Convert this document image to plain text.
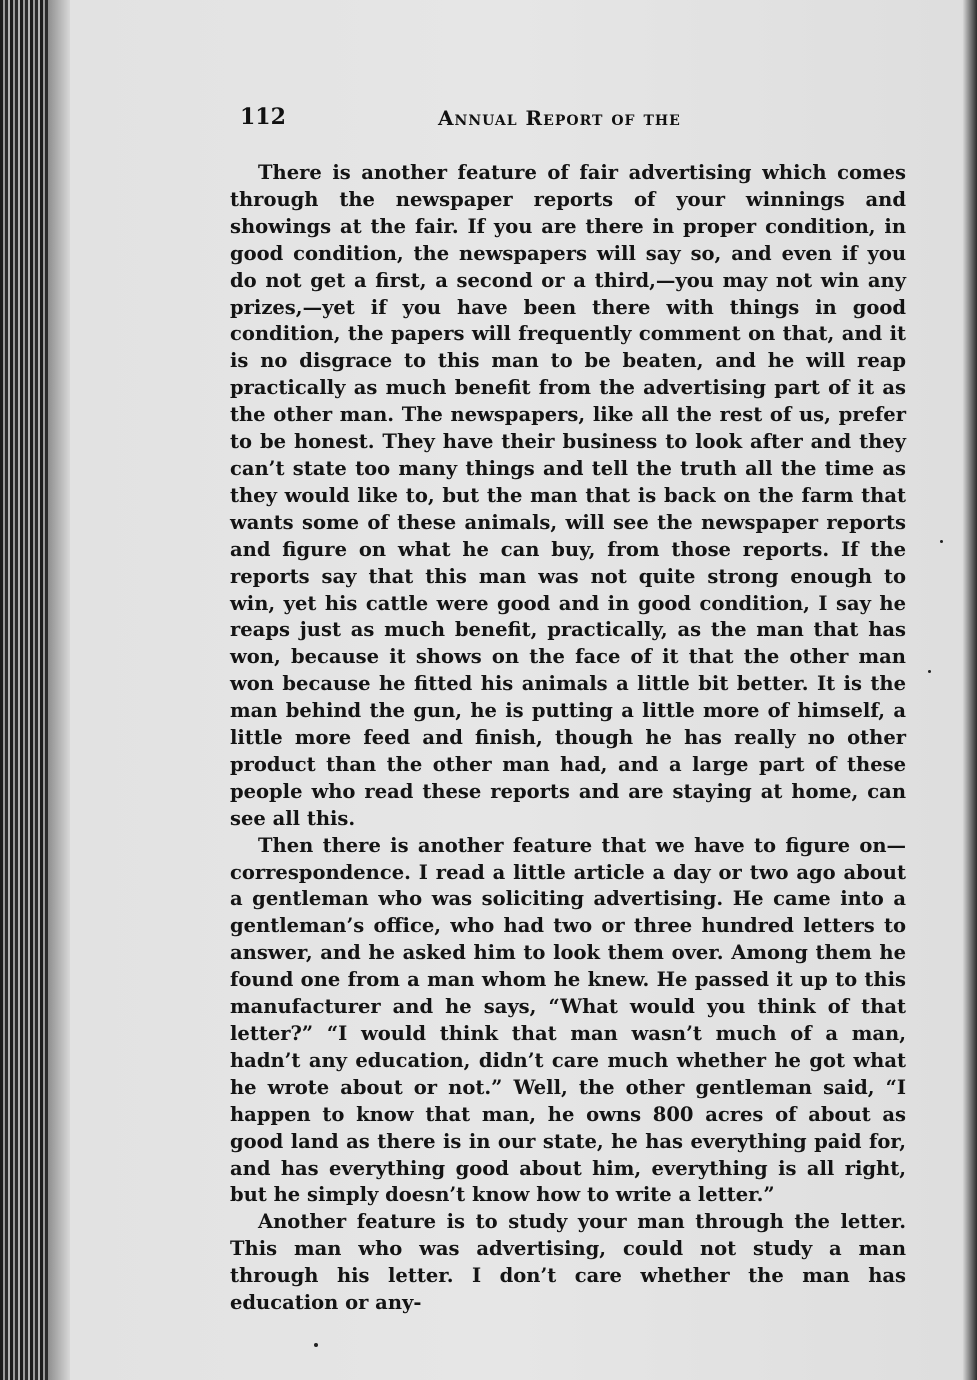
112	Annual Report of the

There is another feature of fair advertising which comes through the newspaper reports of your winnings and showings at the fair. If you are there in proper condition, in good condition, the newspapers will say so, and even if you do not get a first, a second or a third,—you may not win any prizes,—yet if you have been there with things in good condition, the papers will frequently comment on that, and it is no disgrace to this man to be beaten, and he will reap practically as much benefit from the advertising part of it as the other man. The newspapers, like all the rest of us, prefer to be honest. They have their business to look after and they can’t state too many things and tell the truth all the time as they would like to, but the man that is back on the farm that wants some of these animals, will see the newspaper reports and figure on what he can buy, from those reports. If the reports say that this man was not quite strong enough to win, yet his cattle were good and in good condition, I say he reaps just as much benefit, practically, as the man that has won, because it shows on the face of it that the other man won because he fitted his animals a little bit better. It is the man behind the gun, he is putting a little more of himself, a little more feed and finish, though he has really no other product than the other man had, and a large part of these people who read these reports and are staying at home, can see all this.

Then there is another feature that we have to figure on—correspondence. I read a little article a day or two ago about a gentleman who was soliciting advertising. He came into a gentleman’s office, who had two or three hundred letters to answer, and he asked him to look them over. Among them he found one from a man whom he knew. He passed it up to this manufacturer and he says, “What would you think of that letter?” “I would think that man wasn’t much of a man, hadn’t any education, didn’t care much whether he got what he wrote about or not.” Well, the other gentleman said, “I happen to know that man, he owns 800 acres of about as good land as there is in our state, he has everything paid for, and has everything good about him, everything is all right, but he simply doesn’t know how to write a letter.”

Another feature is to study your man through the letter. This man who was advertising, could not study a man through his letter. I don’t care whether the man has education or any-
